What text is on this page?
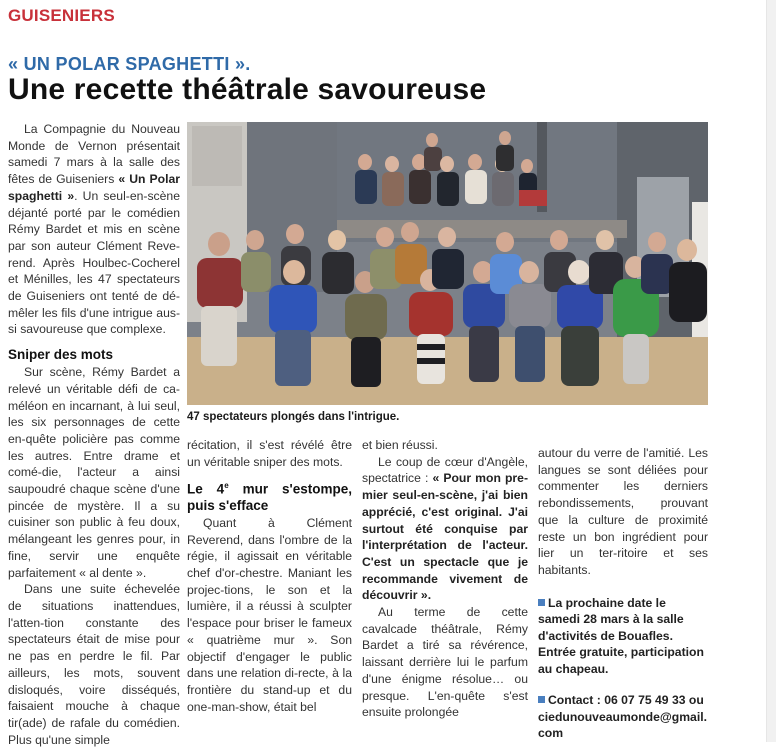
GUISENIERS
« UN POLAR SPAGHETTI ».
Une recette théâtrale savoureuse

La Compagnie du Nouveau Monde de Vernon présentait samedi 7 mars à la salle des fêtes de Guiseniers « Un Polar spaghetti ». Un seul-en-scène déjanté porté par le comédien Rémy Bardet et mis en scène par son auteur Clément Reve-rend. Après Houlbec-Cocherel et Ménilles, les 47 spectateurs de Guiseniers ont tenté de dé-mêler les fils d'une intrigue aus-si savoureuse que complexe.

Sniper des mots

Sur scène, Rémy Bardet a relevé un véritable défi de ca-méléon en incarnant, à lui seul, les six personnages de cette en-quête policière pas comme les autres. Entre drame et comé-die, l'acteur a ainsi saupoudré chaque scène d'une pincée de mystère. Il a su cuisiner son public à feu doux, mélangeant les genres pour, in fine, servir une enquête parfaitement « al dente ».

Dans une suite échevelée de situations inattendues, l'atten-tion constante des spectateurs était de mise pour ne pas en perdre le fil. Par ailleurs, les mots, souvent disloqués, voire disséqués, faisaient mouche à chaque tir(ade) de rafale du comédien. Plus qu'une simple

47 spectateurs plongés dans l'intrigue.

récitation, il s'est révélé être un véritable sniper des mots.

Le 4e mur s'estompe, puis s'efface

Quant à Clément Reverend, dans l'ombre de la régie, il agissait en véritable chef d'or-chestre. Maniant les projec-tions, le son et la lumière, il a réussi à sculpter l'espace pour briser le fameux « quatrième mur ». Son objectif d'engager le public dans une relation di-recte, à la frontière du stand-up et du one-man-show, était bel

et bien réussi.

Le coup de cœur d'Angèle, spectatrice : « Pour mon pre-mier seul-en-scène, j'ai bien apprécié, c'est original. J'ai surtout été conquise par l'interprétation de l'acteur. C'est un spectacle que je recommande vivement de découvrir ».

Au terme de cette cavalcade théâtrale, Rémy Bardet a tiré sa révérence, laissant derrière lui le parfum d'une énigme résolue… ou presque. L'en-quête s'est ensuite prolongée

autour du verre de l'amitié. Les langues se sont déliées pour commenter les derniers rebondissements, prouvant que la culture de proximité reste un bon ingrédient pour lier un ter-ritoire et ses habitants.

La prochaine date le samedi 28 mars à la salle d'activités de Bouafles. Entrée gratuite, participation au chapeau.

Contact : 06 07 75 49 33 ou ciedunouveaumonde@gmail. com
